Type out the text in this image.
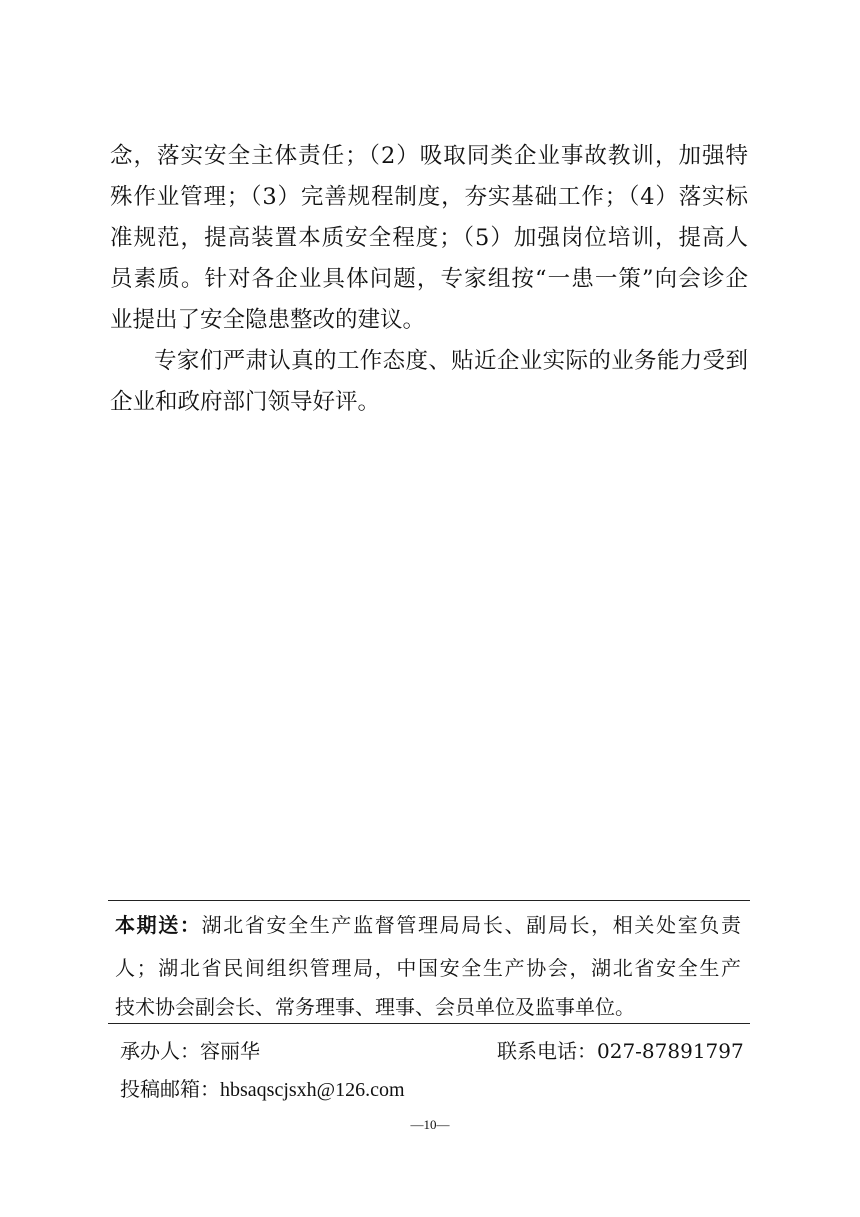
念，落实安全主体责任；（2）吸取同类企业事故教训，加强特
殊作业管理；（3）完善规程制度，夯实基础工作；（4）落实标
准规范，提高装置本质安全程度；（5）加强岗位培训，提高人
员素质。针对各企业具体问题，专家组按“一患一策”向会诊企
业提出了安全隐患整改的建议。
专家们严肃认真的工作态度、贴近企业实际的业务能力受到
企业和政府部门领导好评。
本期送：湖北省安全生产监督管理局局长、副局长，相关处室负责
人；湖北省民间组织管理局，中国安全生产协会，湖北省安全生产
技术协会副会长、常务理事、理事、会员单位及监事单位。
承办人：容丽华	联系电话：027-87891797
投稿邮箱：hbsaqscjsxh@126.com
—10—
